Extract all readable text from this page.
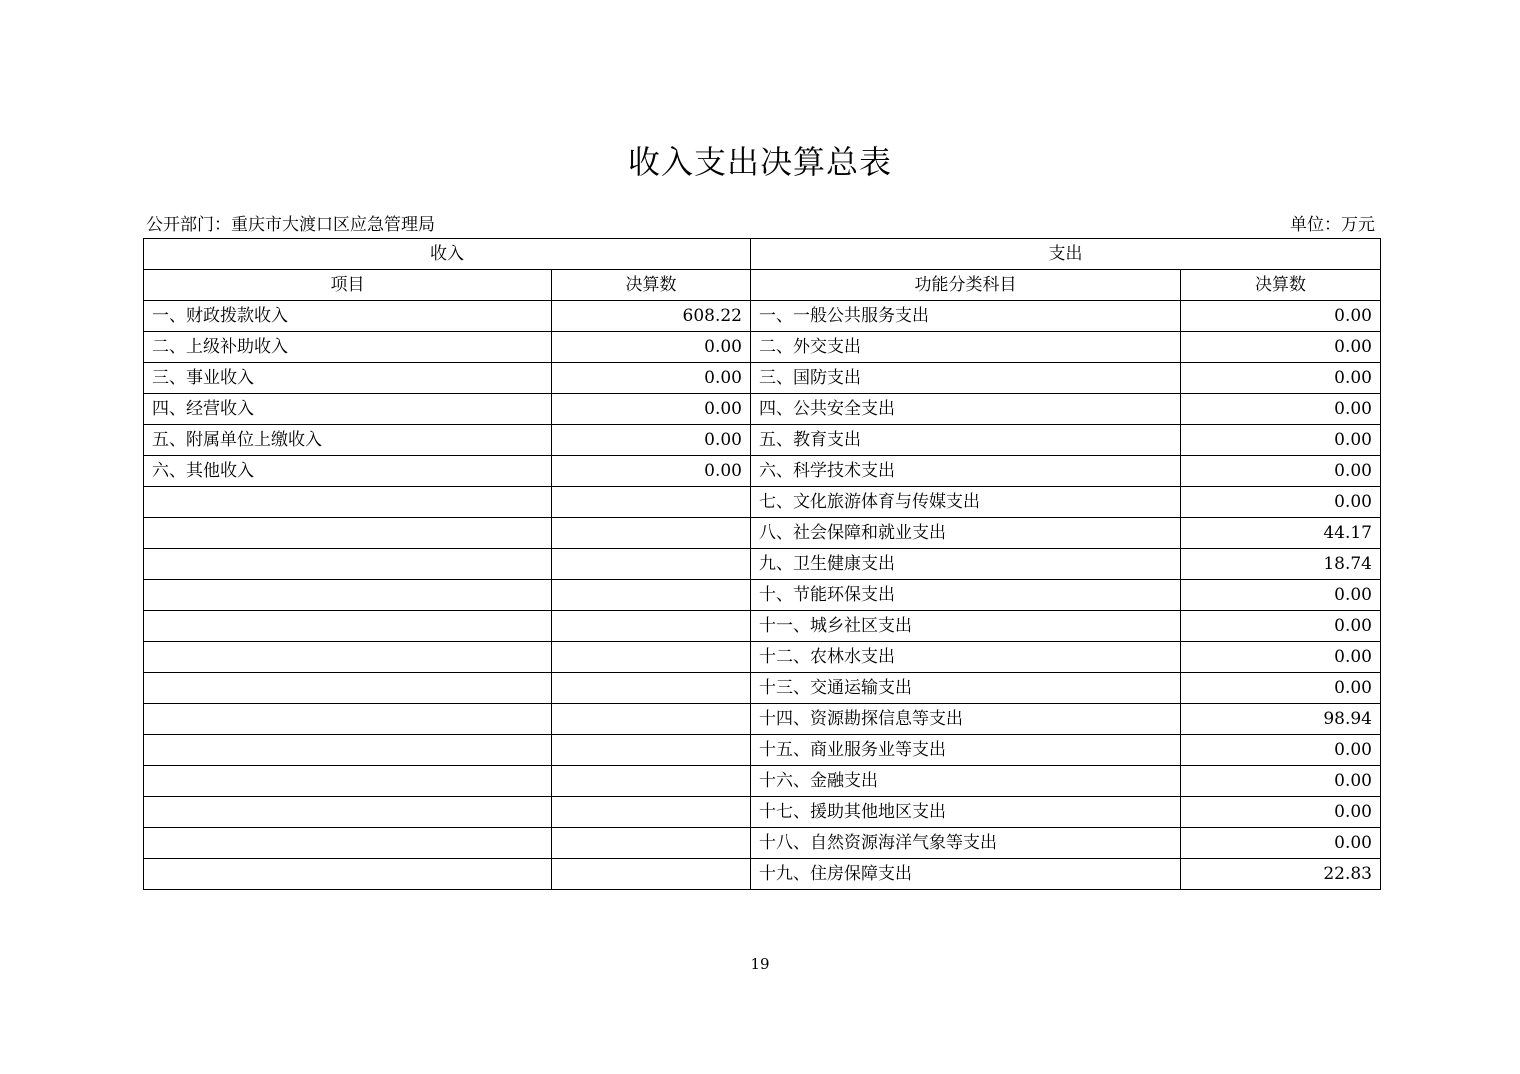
收入支出决算总表
公开部门：重庆市大渡口区应急管理局	单位：万元
收入		支出	
项目	决算数	功能分类科目	决算数
一、财政拨款收入	608.22	一、一般公共服务支出	0.00
二、上级补助收入	0.00	二、外交支出	0.00
三、事业收入	0.00	三、国防支出	0.00
四、经营收入	0.00	四、公共安全支出	0.00
五、附属单位上缴收入	0.00	五、教育支出	0.00
六、其他收入	0.00	六、科学技术支出	0.00
		七、文化旅游体育与传媒支出	0.00
		八、社会保障和就业支出	44.17
		九、卫生健康支出	18.74
		十、节能环保支出	0.00
		十一、城乡社区支出	0.00
		十二、农林水支出	0.00
		十三、交通运输支出	0.00
		十四、资源勘探信息等支出	98.94
		十五、商业服务业等支出	0.00
		十六、金融支出	0.00
		十七、援助其他地区支出	0.00
		十八、自然资源海洋气象等支出	0.00
		十九、住房保障支出	22.83
19
